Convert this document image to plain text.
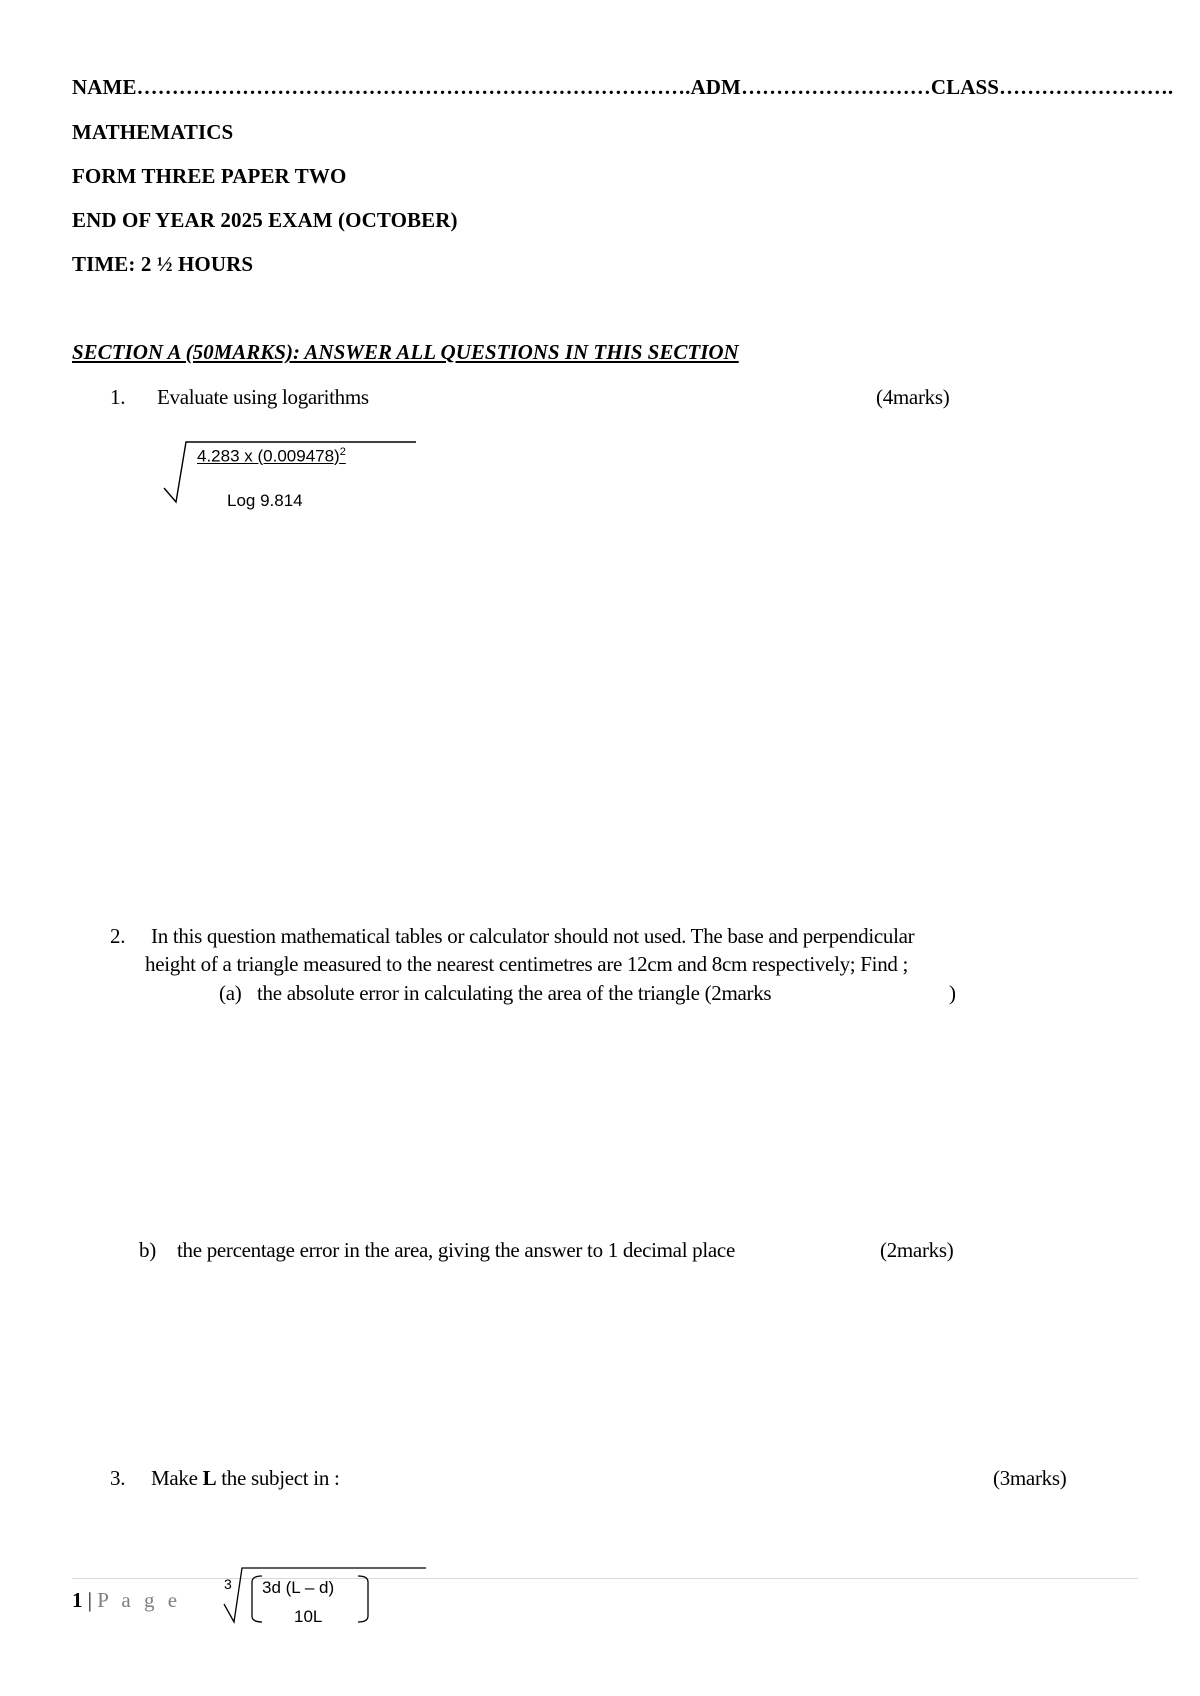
NAME…………………………………………………………………….ADM………………………CLASS…………………….
MATHEMATICS
FORM THREE PAPER TWO
END OF YEAR 2025 EXAM (OCTOBER)
TIME: 2 ½ HOURS
SECTION A (50MARKS): ANSWER ALL QUESTIONS IN THIS SECTION
1. Evaluate using logarithms	(4marks)
4.283 x $(0.009478)^2$
Log 9.814
2. In this question mathematical tables or calculator should not used. The base and perpendicular
height of a triangle measured to the nearest centimetres are 12cm and 8cm respectively; Find ;
(a) the absolute error in calculating the area of the triangle (2marks	)
b) the percentage error in the area, giving the answer to 1 decimal place	(2marks)
3. Make L the subject in :	(3marks)
3 3d (L – d)
10L
1 | P a g e
